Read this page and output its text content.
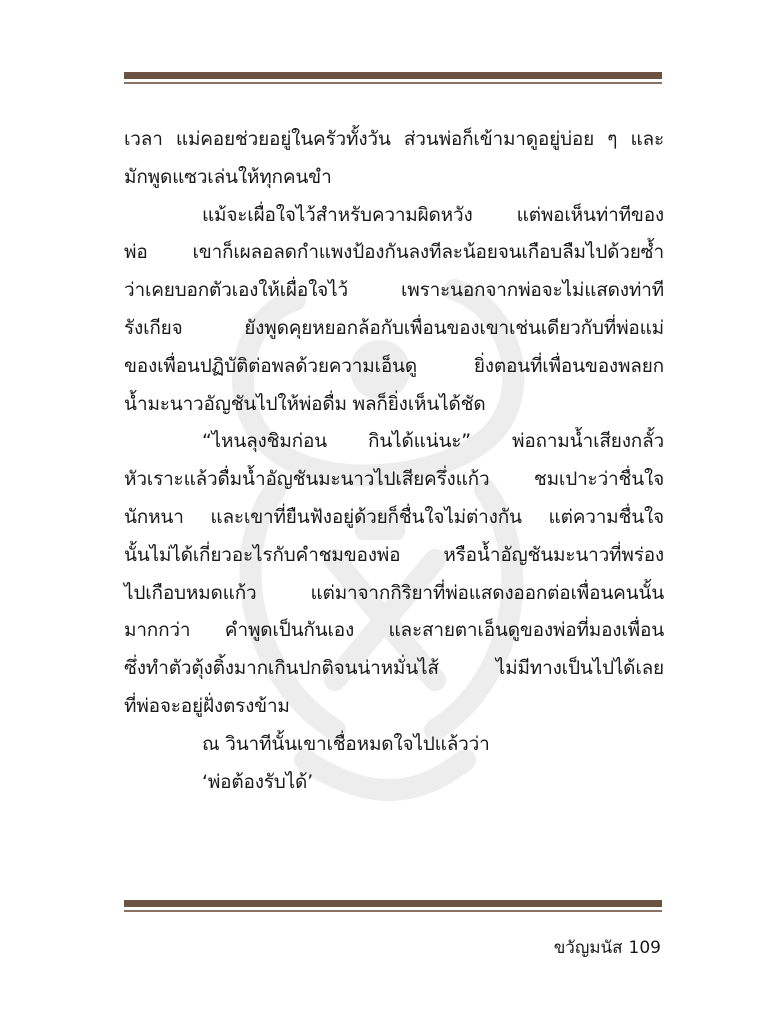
เวลา แม่คอยช่วยอยู่ในครัวทั้งวัน ส่วนพ่อก็เข้ามาดูอยู่บ่อย ๆ และ
มักพูดแซวเล่นให้ทุกคนขำ
แม้จะเผื่อใจไว้สำหรับความผิดหวัง แต่พอเห็นท่าทีของ
พ่อ เขาก็เผลอลดกำแพงป้องกันลงทีละน้อยจนเกือบลืมไปด้วยซ้ำ
ว่าเคยบอกตัวเองให้เผื่อใจไว้ เพราะนอกจากพ่อจะไม่แสดงท่าที
รังเกียจ ยังพูดคุยหยอกล้อกับเพื่อนของเขาเช่นเดียวกับที่พ่อแม่
ของเพื่อนปฏิบัติต่อพลด้วยความเอ็นดู ยิ่งตอนที่เพื่อนของพลยก
น้ำมะนาวอัญชันไปให้พ่อดื่ม พลก็ยิ่งเห็นได้ชัด
“ไหนลุงชิมก่อน กินได้แน่นะ” พ่อถามน้ำเสียงกลั้ว
หัวเราะแล้วดื่มน้ำอัญชันมะนาวไปเสียครึ่งแก้ว ชมเปาะว่าชื่นใจ
นักหนา และเขาที่ยืนฟังอยู่ด้วยก็ชื่นใจไม่ต่างกัน แต่ความชื่นใจ
นั้นไม่ได้เกี่ยวอะไรกับคำชมของพ่อ หรือน้ำอัญชันมะนาวที่พร่อง
ไปเกือบหมดแก้ว แต่มาจากกิริยาที่พ่อแสดงออกต่อเพื่อนคนนั้น
มากกว่า คำพูดเป็นกันเอง และสายตาเอ็นดูของพ่อที่มองเพื่อน
ซึ่งทำตัวตุ้งติ้งมากเกินปกติจนน่าหมั่นไส้ ไม่มีทางเป็นไปได้เลย
ที่พ่อจะอยู่ฝั่งตรงข้าม
ณ วินาทีนั้นเขาเชื่อหมดใจไปแล้วว่า
‘พ่อต้องรับได้’
ขวัญมนัส 109
